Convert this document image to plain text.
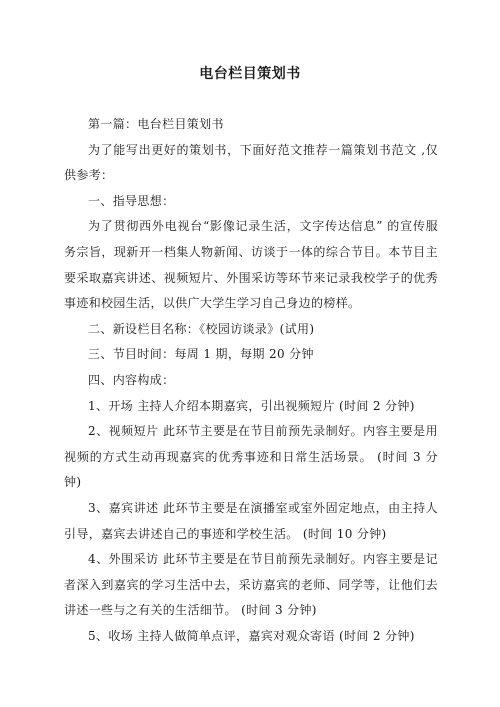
电台栏目策划书

第一篇：电台栏目策划书

为了能写出更好的策划书，下面好范文推荐一篇策划书范文 ,仅供参考：

一、指导思想：

为了贯彻西外电视台“影像记录生活，文字传达信息” 的宣传服务宗旨，现新开一档集人物新闻、访谈于一体的综合节目。本节目主要采取嘉宾讲述、视频短片、外围采访等环节来记录我校学子的优秀事迹和校园生活，以供广大学生学习自己身边的榜样。

二、新设栏目名称：《校园访谈录》(试用)

三、节目时间：每周 1 期，每期 20 分钟

四、内容构成：

1、开场 主持人介绍本期嘉宾，引出视频短片 (时间 2 分钟)

2、视频短片 此环节主要是在节目前预先录制好。内容主要是用视频的方式生动再现嘉宾的优秀事迹和日常生活场景。 (时间 3 分钟)

3、嘉宾讲述 此环节主要是在演播室或室外固定地点，由主持人引导，嘉宾去讲述自己的事迹和学校生活。 (时间 10 分钟)

4、外围采访 此环节主要是在节目前预先录制好。内容主要是记者深入到嘉宾的学习生活中去，采访嘉宾的老师、同学等，让他们去讲述一些与之有关的生活细节。 (时间 3 分钟)

5、收场 主持人做简单点评，嘉宾对观众寄语 (时间 2 分钟)
